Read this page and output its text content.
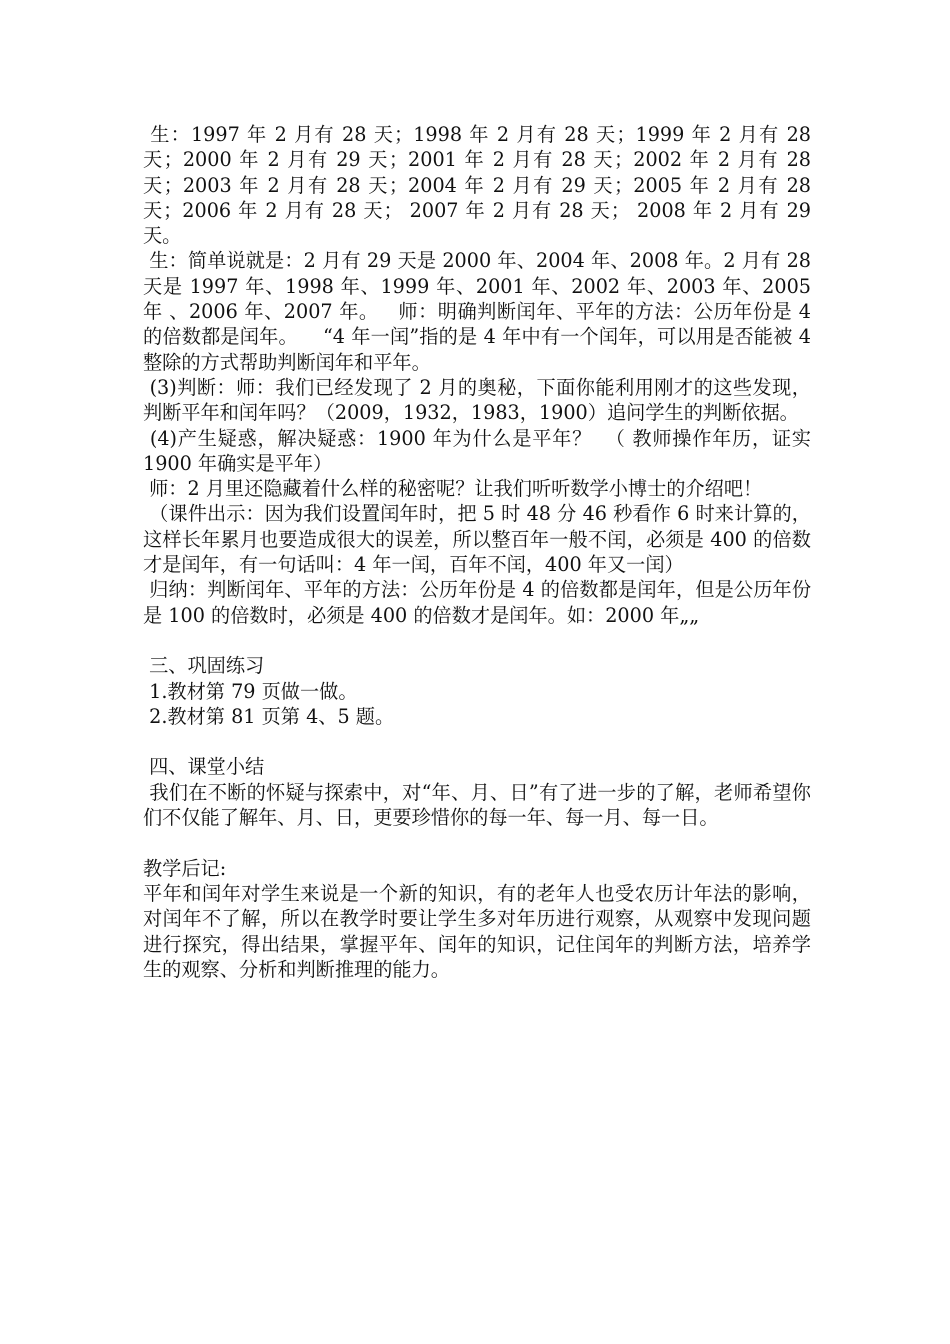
生：1997 年 2 月有 28 天；1998 年 2 月有 28 天；1999 年 2 月有 28 天；2000 年 2 月有 29 天；2001 年 2 月有 28 天；2002 年 2 月有 28 天；2003 年 2 月有 28 天；2004 年 2 月有 29 天；2005 年 2 月有 28 天；2006 年 2 月有 28 天； 2007 年 2 月有 28 天； 2008 年 2 月有 29 天。

生：简单说就是：2 月有 29 天是 2000 年、2004 年、2008 年。2 月有 28 天是 1997 年、1998 年、1999 年、2001 年、2002 年、2003 年、2005 年 、2006 年、2007 年。   师：明确判断闰年、平年的方法：公历年份是 4 的倍数都是闰年。    “4 年一闰”指的是 4 年中有一个闰年，可以用是否能被 4 整除的方式帮助判断闰年和平年。

(3)判断：师：我们已经发现了 2 月的奥秘，下面你能利用刚才的这些发现，判断平年和闰年吗？（2009，1932，1983，1900）追问学生的判断依据。

(4)产生疑惑，解决疑惑：1900 年为什么是平年？  （ 教师操作年历，证实 1900 年确实是平年）

师：2 月里还隐藏着什么样的秘密呢？让我们听听数学小博士的介绍吧！

（课件出示：因为我们设置闰年时，把 5 时 48 分 46 秒看作 6 时来计算的，这样长年累月也要造成很大的误差，所以整百年一般不闰，必须是 400 的倍数才是闰年，有一句话叫：4 年一闰，百年不闰，400 年又一闰）

归纳：判断闰年、平年的方法：公历年份是 4 的倍数都是闰年，但是公历年份是 100 的倍数时，必须是 400 的倍数才是闰年。如：2000 年„„

三、巩固练习

1.教材第 79 页做一做。

2.教材第 81 页第 4、5 题。

四、课堂小结

我们在不断的怀疑与探索中，对“年、月、日”有了进一步的了解，老师希望你们不仅能了解年、月、日，更要珍惜你的每一年、每一月、每一日。

教学后记:

平年和闰年对学生来说是一个新的知识，有的老年人也受农历计年法的影响，对闰年不了解，所以在教学时要让学生多对年历进行观察，从观察中发现问题进行探究，得出结果，掌握平年、闰年的知识，记住闰年的判断方法，培养学生的观察、分析和判断推理的能力。
